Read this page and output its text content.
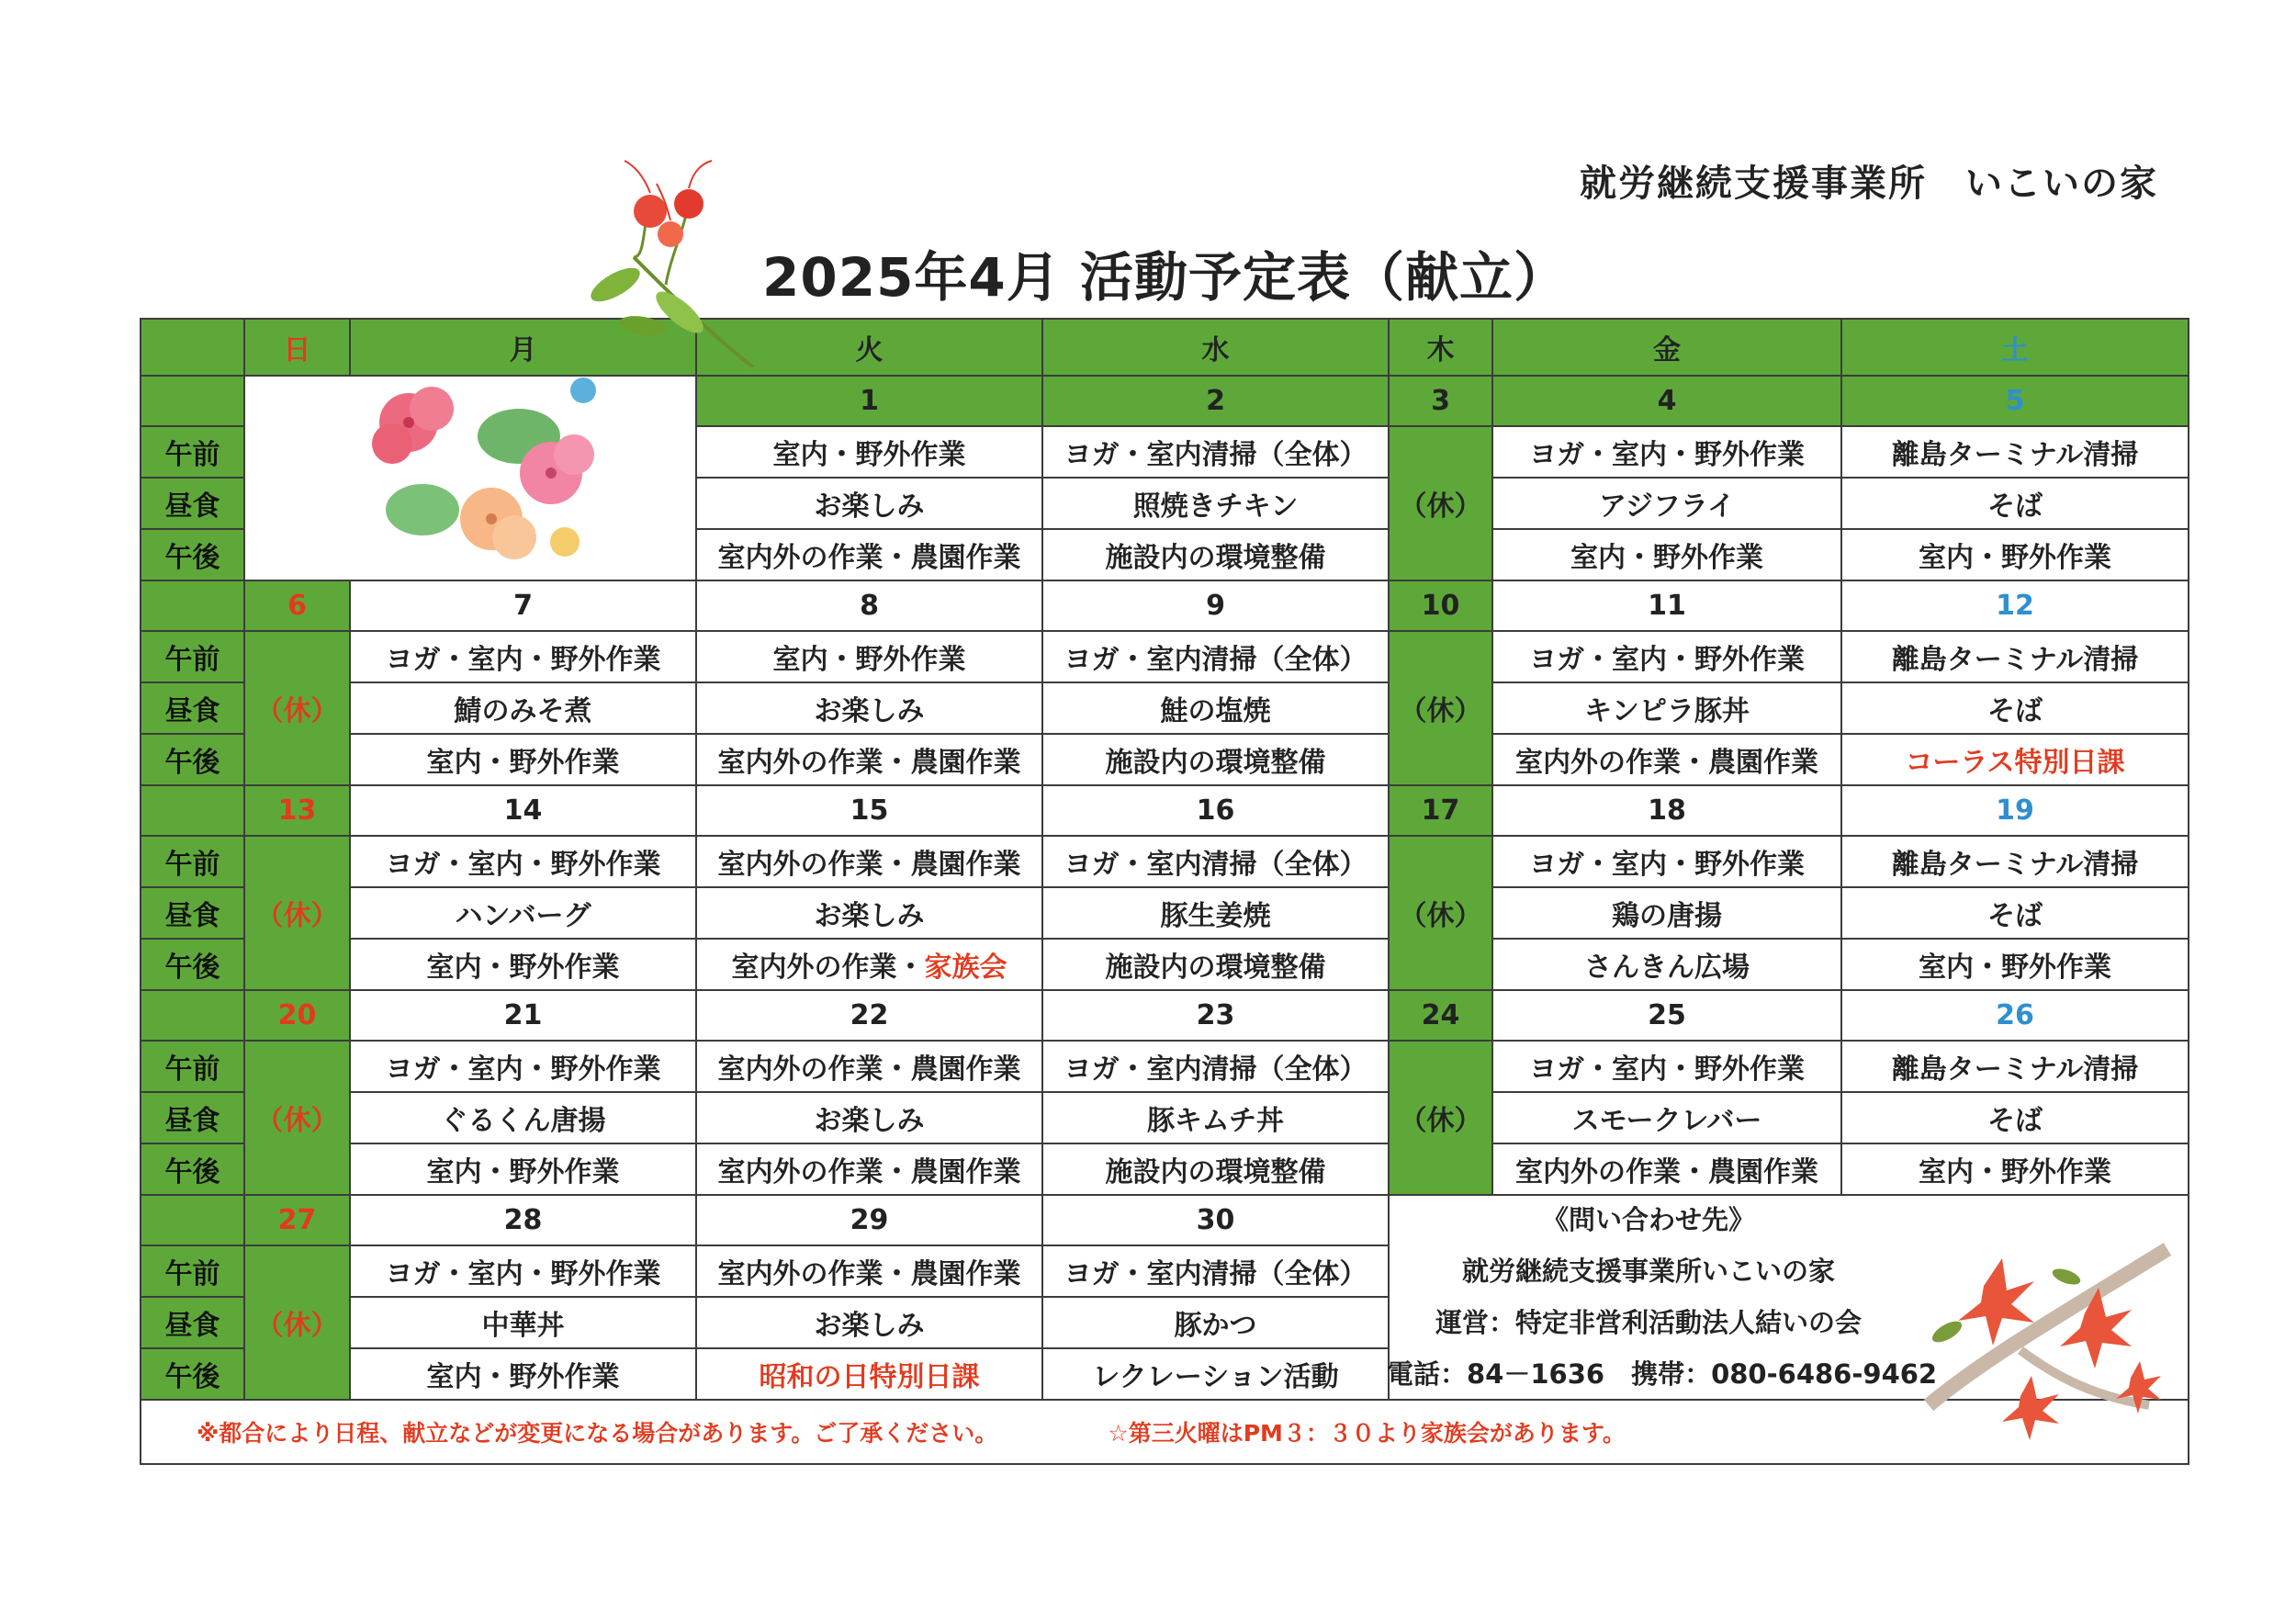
就労継続支援事業所　いこいの家
2025年4月 活動予定表（献立）
	日	月	火	水	木	金	土
			1	2	3	4	5
午前			室内・野外作業	ヨガ・室内清掃（全体）	（休）	ヨガ・室内・野外作業	離島ターミナル清掃
昼食			お楽しみ	照焼きチキン		アジフライ	そば
午後			室内外の作業・農園作業	施設内の環境整備		室内・野外作業	室内・野外作業
	6	7	8	9	10	11	12
午前	（休）	ヨガ・室内・野外作業	室内・野外作業	ヨガ・室内清掃（全体）	（休）	ヨガ・室内・野外作業	離島ターミナル清掃
昼食		鯖のみそ煮	お楽しみ	鮭の塩焼		キンピラ豚丼	そば
午後		室内・野外作業	室内外の作業・農園作業	施設内の環境整備		室内外の作業・農園作業	コーラス特別日課
	13	14	15	16	17	18	19
午前	（休）	ヨガ・室内・野外作業	室内外の作業・農園作業	ヨガ・室内清掃（全体）	（休）	ヨガ・室内・野外作業	離島ターミナル清掃
昼食		ハンバーグ	お楽しみ	豚生姜焼		鶏の唐揚	そば
午後		室内・野外作業	室内外の作業・家族会	施設内の環境整備		さんきん広場	室内・野外作業
	20	21	22	23	24	25	26
午前	（休）	ヨガ・室内・野外作業	室内外の作業・農園作業	ヨガ・室内清掃（全体）	（休）	ヨガ・室内・野外作業	離島ターミナル清掃
昼食		ぐるくん唐揚	お楽しみ	豚キムチ丼		スモークレバー	そば
午後		室内・野外作業	室内外の作業・農園作業	施設内の環境整備		室内外の作業・農園作業	室内・野外作業
	27	28	29	30			
午前	（休）	ヨガ・室内・野外作業	室内外の作業・農園作業	ヨガ・室内清掃（全体）			
昼食		中華丼	お楽しみ	豚かつ			
午後		室内・野外作業	昭和の日特別日課	レクレーション活動			
※都合により日程、献立などが変更になる場合があります。ご了承ください。 ☆第三火曜はPM３：３０より家族会があります。							
《問い合わせ先》
就労継続支援事業所いこいの家
運営：特定非営利活動法人結いの会
電話：84－1636　携帯：080-6486-9462
